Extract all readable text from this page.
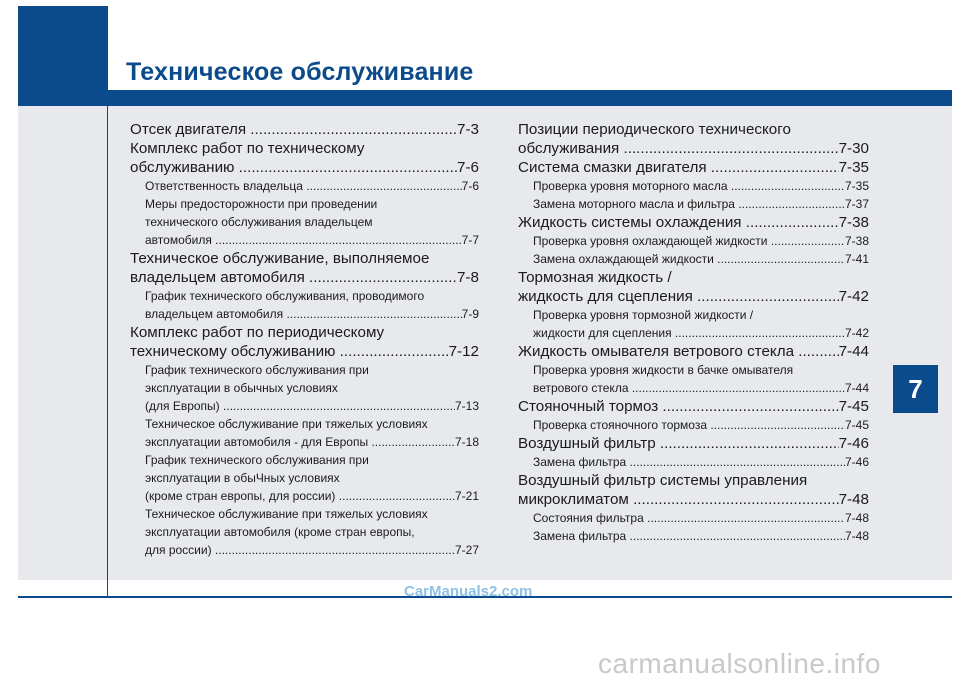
Техническое обслуживание
7
Отсек двигателя .....	7-3
Комплекс работ по техническому
обслуживанию .....	7-6
Ответственность владельца .....	7-6
Меры предосторожности при проведении
технического обслуживания владельцем
автомобиля .....	7-7
Техническое обслуживание, выполняемое
владельцем автомобиля .....	7-8
График технического обслуживания, проводимого
владельцем автомобиля .....	7-9
Комплекс работ по периодическому
техническому обслуживанию .....	7-12
График технического обслуживания при
эксплуатации в обычных условиях
(для Европы) .....	7-13
Техническое обслуживание при тяжелых условиях
эксплуатации автомобиля - для Европы .....	7-18
График технического обслуживания при
эксплуатации в обыЧных условиях
(кроме стран европы, для россии) .....	7-21
Техническое обслуживание при тяжелых условиях
эксплуатации автомобиля (кроме стран европы,
для россии) .....	7-27
Позиции периодического технического
обслуживания .....	7-30
Система смазки двигателя .....	7-35
Проверка уровня моторного масла .....	7-35
Замена моторного масла и фильтра .....	7-37
Жидкость системы охлаждения .....	7-38
Проверка уровня охлаждающей жидкости .....	7-38
Замена охлаждающей жидкости .....	7-41
Тормозная жидкость /
жидкость для сцепления .....	7-42
Проверка уровня тормозной жидкости /
жидкости для сцепления .....	7-42
Жидкость омывателя ветрового стекла .....	7-44
Проверка уровня жидкости в бачке омывателя
ветрового стекла .....	7-44
Стояночный тормоз .....	7-45
Проверка стояночного тормоза .....	7-45
Воздушный фильтр .....	7-46
Замена фильтра .....	7-46
Воздушный фильтр системы управления
микроклиматом .....	7-48
Состояния фильтра .....	7-48
Замена фильтра .....	7-48
CarManuals2.com
carmanualsonline.info
